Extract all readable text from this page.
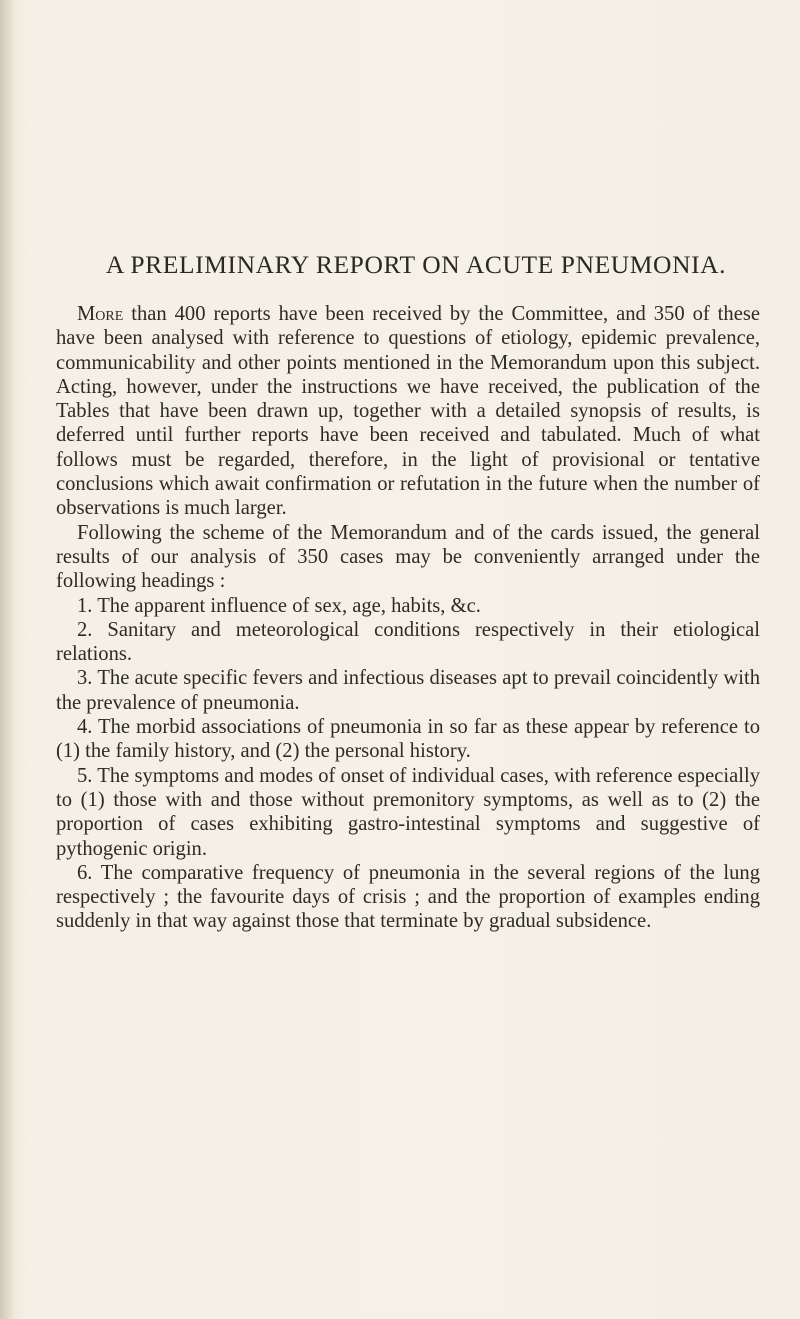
A PRELIMINARY REPORT ON ACUTE PNEUMONIA.

More than 400 reports have been received by the Committee, and 350 of these have been analysed with reference to questions of etiology, epidemic prevalence, communicability and other points mentioned in the Memorandum upon this subject. Acting, however, under the instructions we have received, the publication of the Tables that have been drawn up, together with a detailed synopsis of results, is deferred until further reports have been received and tabulated. Much of what follows must be regarded, therefore, in the light of provisional or tentative conclusions which await confirmation or refutation in the future when the number of observations is much larger.

Following the scheme of the Memorandum and of the cards issued, the general results of our analysis of 350 cases may be conveniently arranged under the following headings :

1. The apparent influence of sex, age, habits, &c.

2. Sanitary and meteorological conditions respectively in their etiological relations.

3. The acute specific fevers and infectious diseases apt to prevail coincidently with the prevalence of pneumonia.

4. The morbid associations of pneumonia in so far as these appear by reference to (1) the family history, and (2) the personal history.

5. The symptoms and modes of onset of individual cases, with reference especially to (1) those with and those without premonitory symptoms, as well as to (2) the proportion of cases exhibiting gastro-intestinal symptoms and suggestive of pythogenic origin.

6. The comparative frequency of pneumonia in the several regions of the lung respectively ; the favourite days of crisis ; and the proportion of examples ending suddenly in that way against those that terminate by gradual subsidence.
